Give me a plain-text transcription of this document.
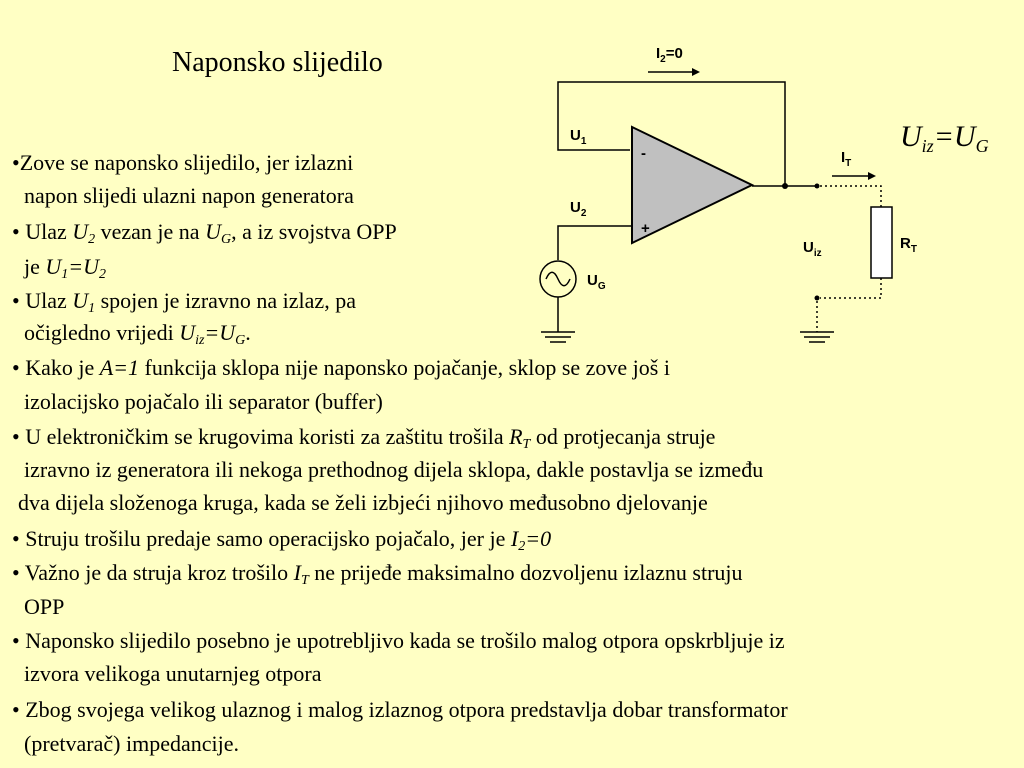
Naponsko slijedilo	$I_2=0$
$U_1$
$U_2$
-
+
$U_G$
$I_T$
$R_T$
$U_{iz}$
$U_{iz}=U_G$
•Zove se naponsko slijedilo, jer izlazni
napon slijedi ulazni napon generatora
• Ulaz $U_2$ vezan je na $U_G$, a iz svojstva OPP
je $U_1=U_2$
• Ulaz $U_1$ spojen je izravno na izlaz, pa
očigledno vrijedi $U_{iz}=U_G$.
• Kako je A=1 funkcija sklopa nije naponsko pojačanje, sklop se zove još i
izolacijsko pojačalo ili separator (buffer)
• U elektroničkim se krugovima koristi za zaštitu trošila $R_T$ od protjecanja struje
izravno iz generatora ili nekoga prethodnog dijela sklopa, dakle postavlja se između
dva dijela složenoga kruga, kada se želi izbjeći njihovo međusobno djelovanje
• Struju trošilu predaje samo operacijsko pojačalo, jer je $I_2=0$
• Važno je da struja kroz trošilo $I_T$ ne prijeđe maksimalno dozvoljenu izlaznu struju
OPP
• Naponsko slijedilo posebno je upotrebljivo kada se trošilo malog otpora opskrbljuje iz
izvora velikoga unutarnjeg otpora
• Zbog svojega velikog ulaznog i malog izlaznog otpora predstavlja dobar transformator
(pretvarač) impedancije.
